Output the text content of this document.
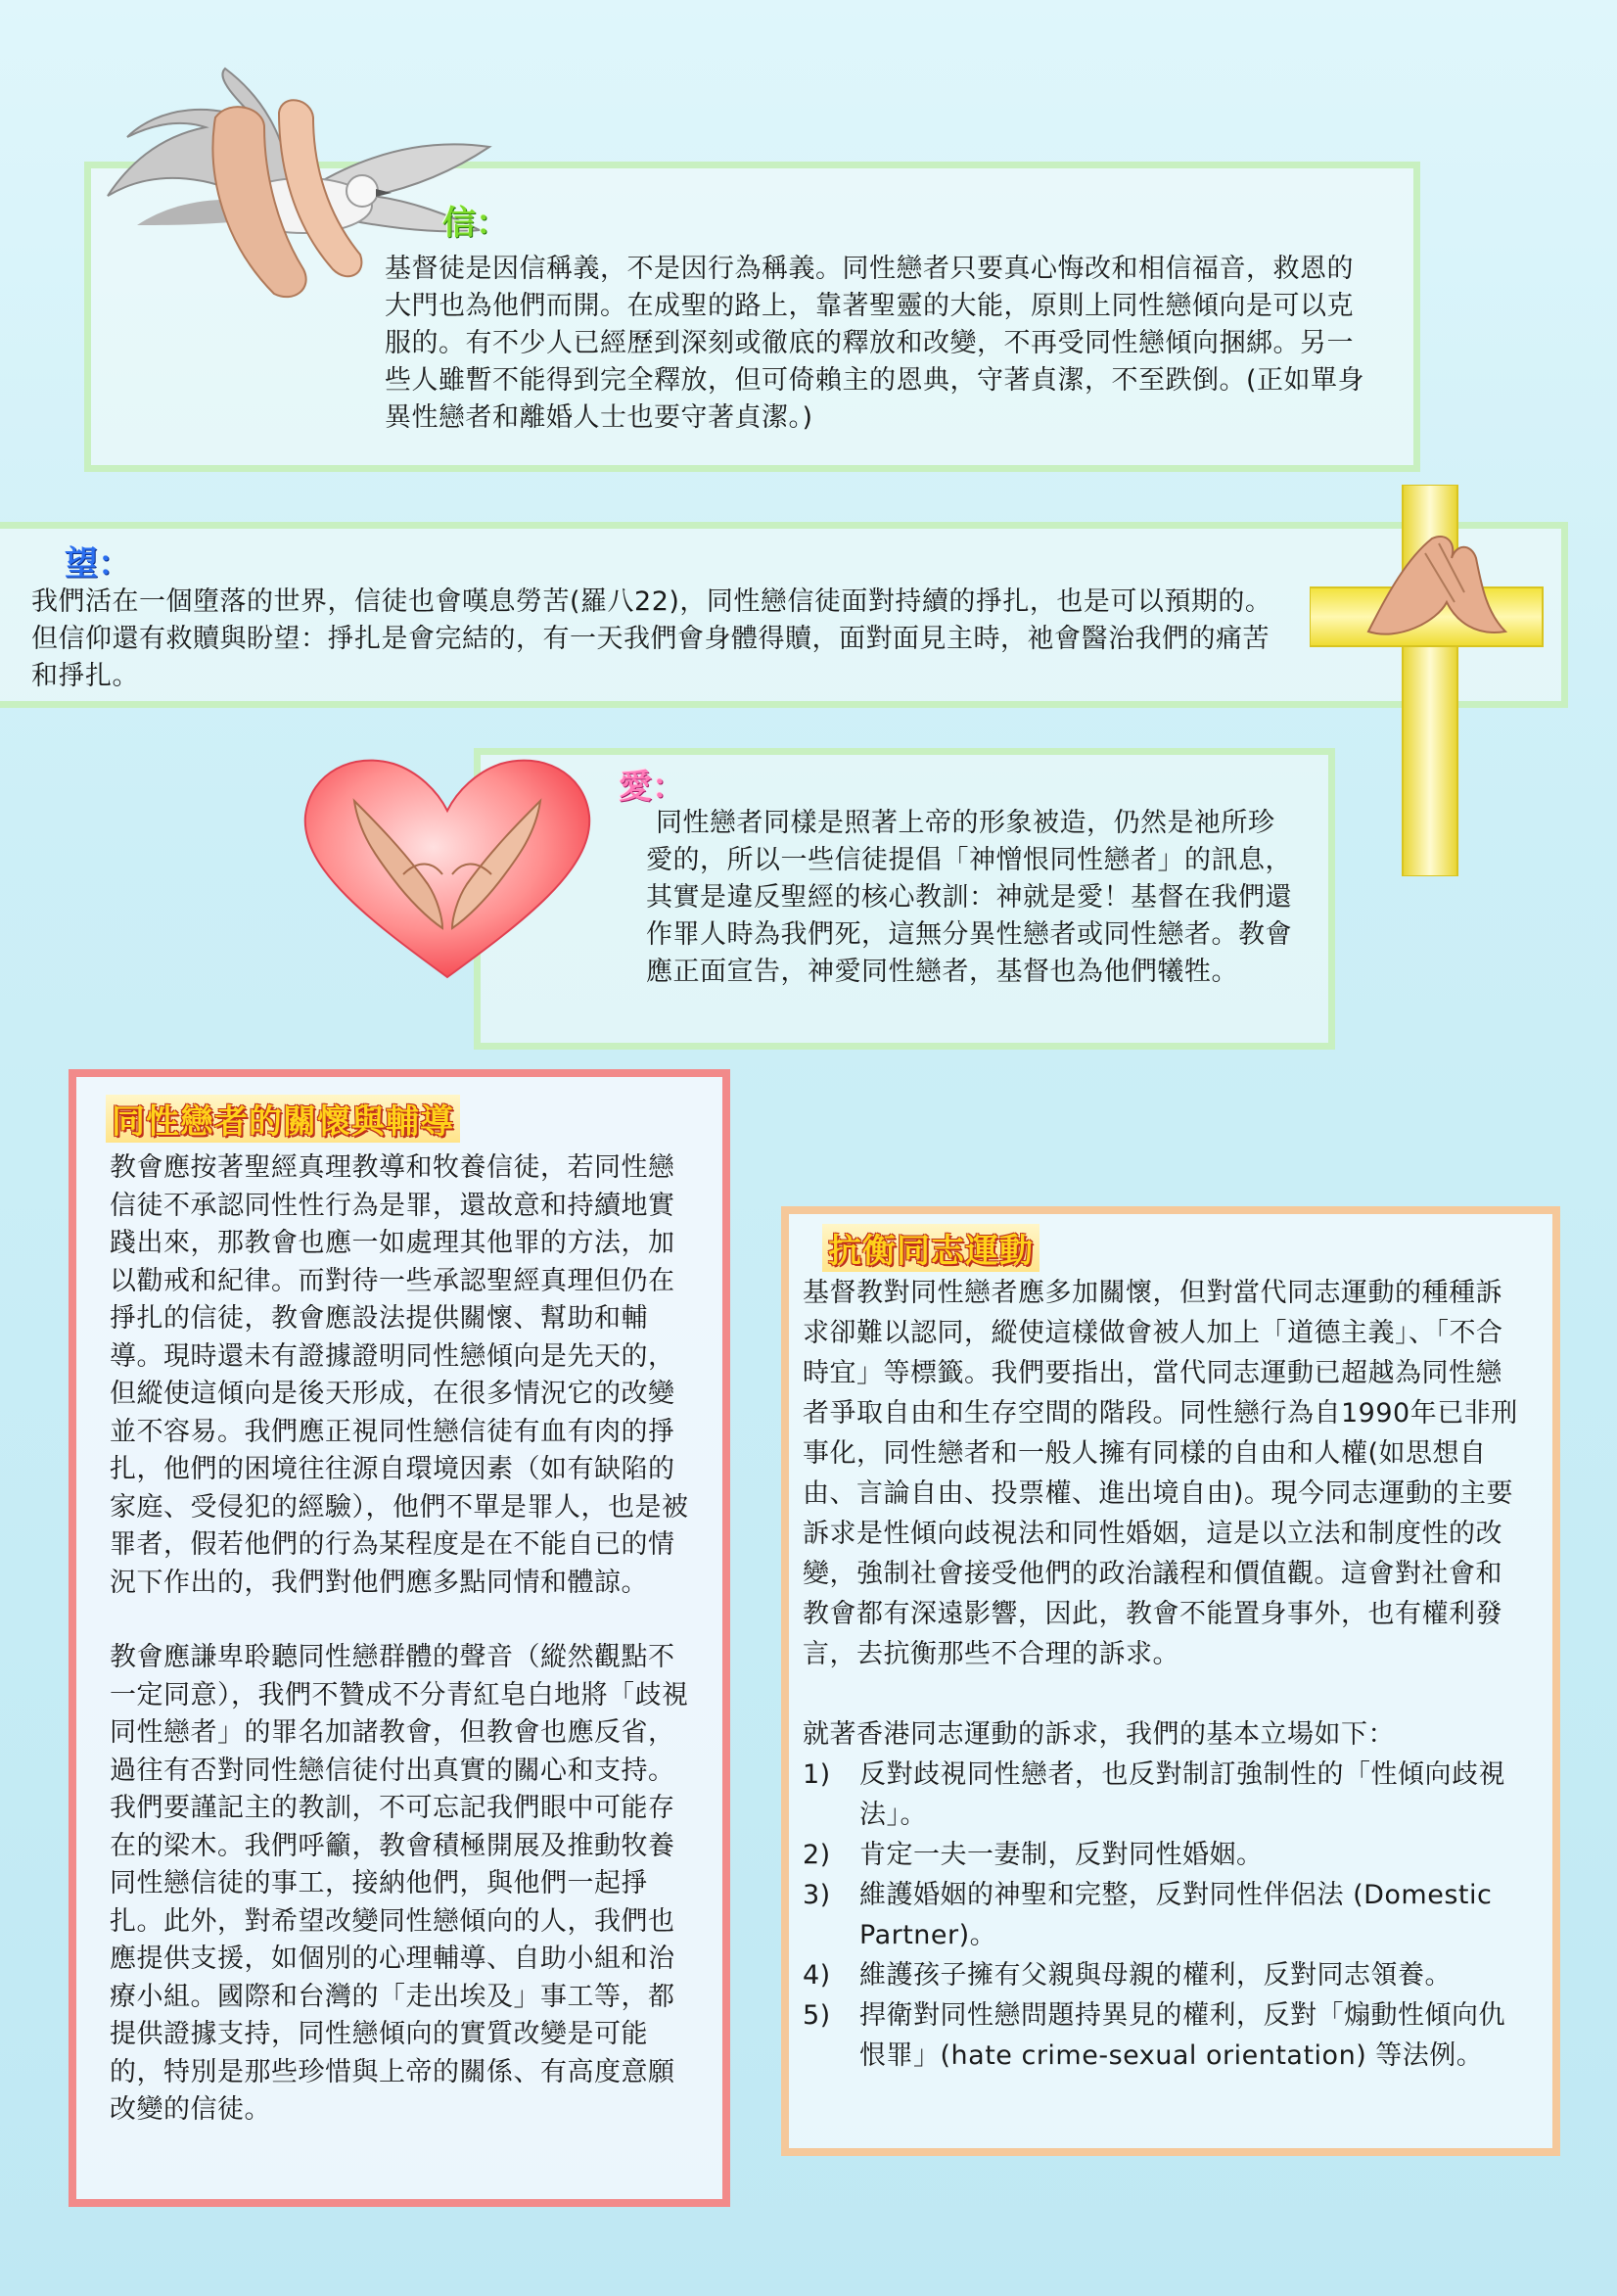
信：
基督徒是因信稱義，不是因行為稱義。同性戀者只要真心悔改和相信福音，救恩的大門也為他們而開。在成聖的路上，靠著聖靈的大能，原則上同性戀傾向是可以克服的。有不少人已經歷到深刻或徹底的釋放和改變，不再受同性戀傾向捆綁。另一些人雖暫不能得到完全釋放，但可倚賴主的恩典，守著貞潔，不至跌倒。(正如單身異性戀者和離婚人士也要守著貞潔。)
望：
我們活在一個墮落的世界，信徒也會嘆息勞苦(羅八22)，同性戀信徒面對持續的掙扎，也是可以預期的。但信仰還有救贖與盼望：掙扎是會完結的，有一天我們會身體得贖，面對面見主時，祂會醫治我們的痛苦和掙扎。
愛：
同性戀者同樣是照著上帝的形象被造，仍然是祂所珍愛的，所以一些信徒提倡「神憎恨同性戀者」的訊息，其實是違反聖經的核心教訓：神就是愛！基督在我們還作罪人時為我們死，這無分異性戀者或同性戀者。教會應正面宣告，神愛同性戀者，基督也為他們犧牲。
同性戀者的關懷與輔導

教會應按著聖經真理教導和牧養信徒，若同性戀信徒不承認同性性行為是罪，還故意和持續地實踐出來，那教會也應一如處理其他罪的方法，加以勸戒和紀律。而對待一些承認聖經真理但仍在掙扎的信徒，教會應設法提供關懷、幫助和輔導。現時還未有證據證明同性戀傾向是先天的，但縱使這傾向是後天形成，在很多情況它的改變並不容易。我們應正視同性戀信徒有血有肉的掙扎，他們的困境往往源自環境因素（如有缺陷的家庭、受侵犯的經驗），他們不單是罪人，也是被罪者，假若他們的行為某程度是在不能自已的情況下作出的，我們對他們應多點同情和體諒。

教會應謙卑聆聽同性戀群體的聲音（縱然觀點不一定同意），我們不贊成不分青紅皂白地將「歧視同性戀者」的罪名加諸教會，但教會也應反省，過往有否對同性戀信徒付出真實的關心和支持。我們要謹記主的教訓，不可忘記我們眼中可能存在的梁木。我們呼籲，教會積極開展及推動牧養同性戀信徒的事工，接納他們，與他們一起掙扎。此外，對希望改變同性戀傾向的人，我們也應提供支援，如個別的心理輔導、自助小組和治療小組。國際和台灣的「走出埃及」事工等，都提供證據支持，同性戀傾向的實質改變是可能的，特別是那些珍惜與上帝的關係、有高度意願改變的信徒。

抗衡同志運動

基督教對同性戀者應多加關懷，但對當代同志運動的種種訴求卻難以認同，縱使這樣做會被人加上「道德主義」、「不合時宜」等標籤。我們要指出，當代同志運動已超越為同性戀者爭取自由和生存空間的階段。同性戀行為自1990年已非刑事化，同性戀者和一般人擁有同樣的自由和人權(如思想自由、言論自由、投票權、進出境自由)。現今同志運動的主要訴求是性傾向歧視法和同性婚姻，這是以立法和制度性的改變，強制社會接受他們的政治議程和價值觀。這會對社會和教會都有深遠影響，因此，教會不能置身事外，也有權利發言，去抗衡那些不合理的訴求。

就著香港同志運動的訴求，我們的基本立場如下：

1)	反對歧視同性戀者，也反對制訂強制性的「性傾向歧視法」。
2)	肯定一夫一妻制，反對同性婚姻。
3)	維護婚姻的神聖和完整，反對同性伴侶法 (Domestic Partner)。
4)	維護孩子擁有父親與母親的權利，反對同志領養。
5)	捍衛對同性戀問題持異見的權利，反對「煽動性傾向仇恨罪」(hate crime-sexual orientation) 等法例。
